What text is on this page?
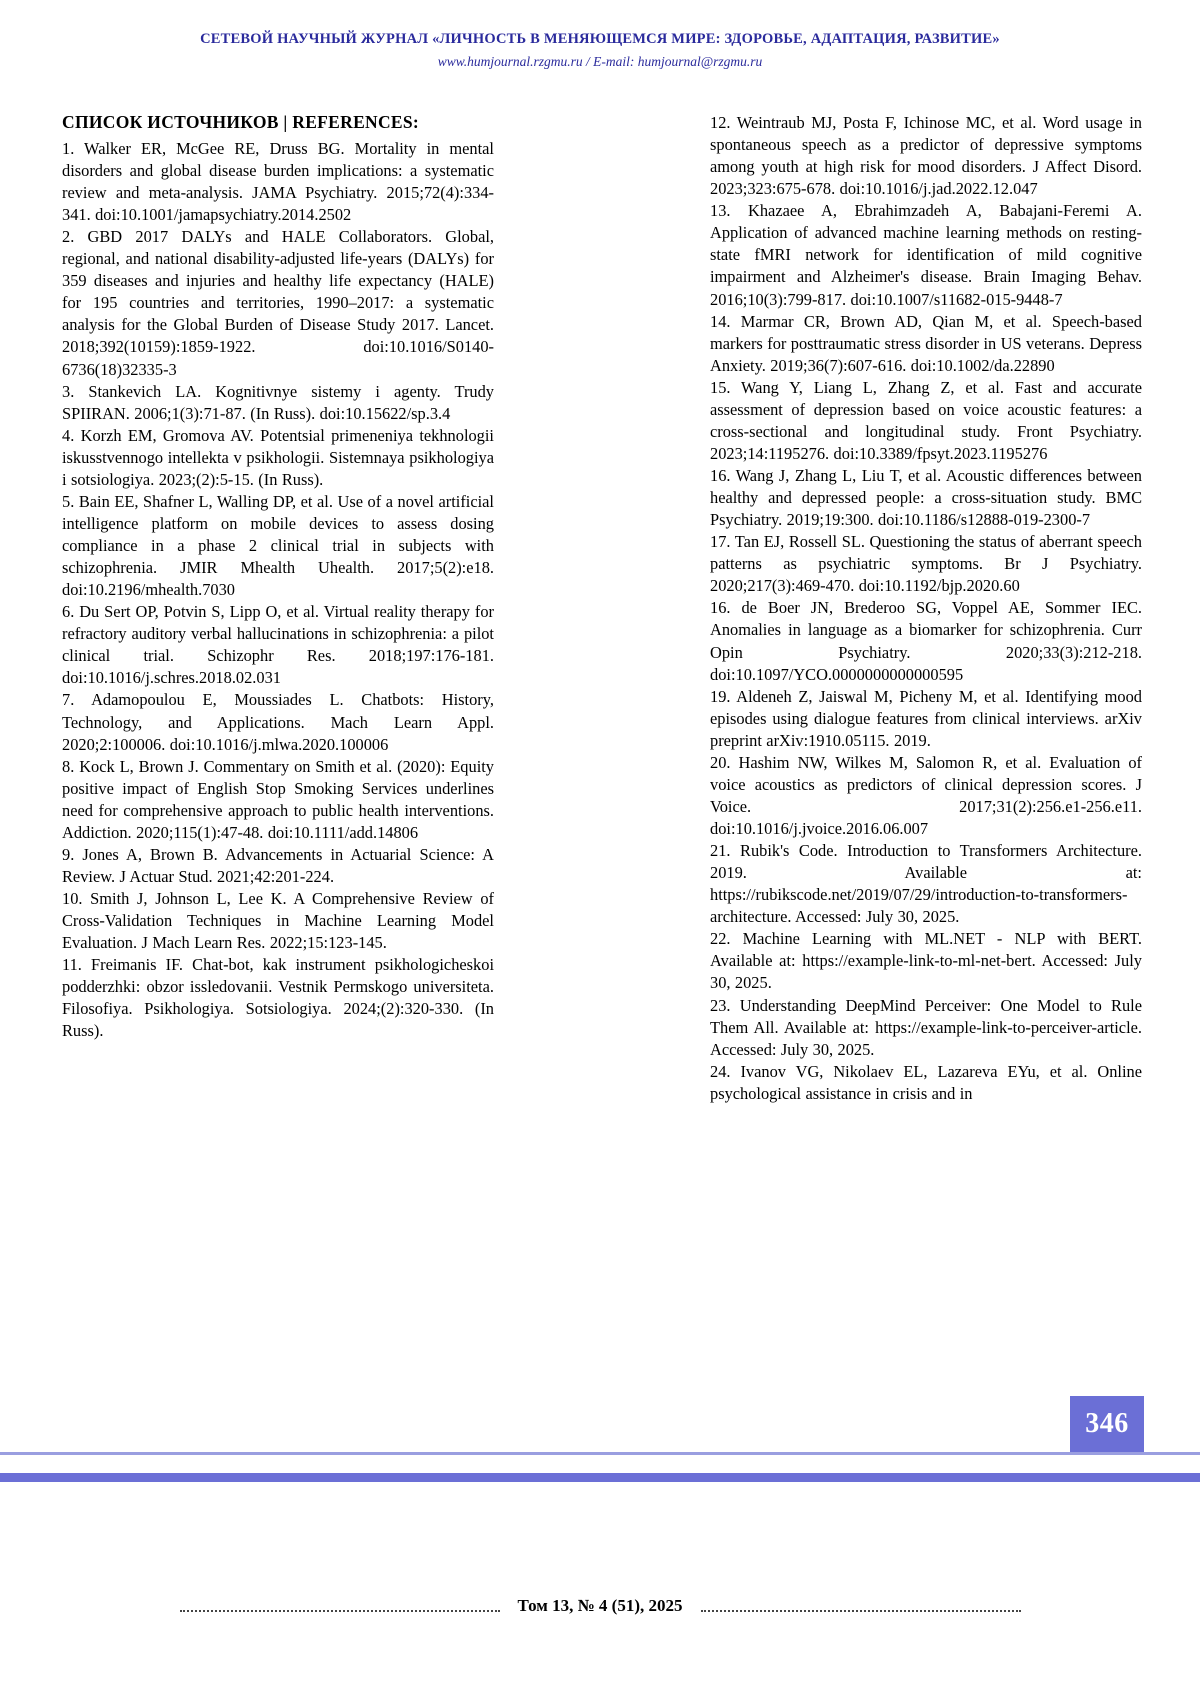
СЕТЕВОЙ НАУЧНЫЙ ЖУРНАЛ «ЛИЧНОСТЬ В МЕНЯЮЩЕМСЯ МИРЕ: ЗДОРОВЬЕ, АДАПТАЦИЯ, РАЗВИТИЕ»
www.humjournal.rzgmu.ru / E-mail: humjournal@rzgmu.ru
СПИСОК ИСТОЧНИКОВ | REFERENCES:

1. Walker ER, McGee RE, Druss BG. Mortality in mental disorders and global disease burden implications: a systematic review and meta-analysis. JAMA Psychiatry. 2015;72(4):334-341. doi:10.1001/jamapsychiatry.2014.2502

2. GBD 2017 DALYs and HALE Collaborators. Global, regional, and national disability-adjusted life-years (DALYs) for 359 diseases and injuries and healthy life expectancy (HALE) for 195 countries and territories, 1990–2017: a systematic analysis for the Global Burden of Disease Study 2017. Lancet. 2018;392(10159):1859-1922. doi:10.1016/S0140-6736(18)32335-3

3. Stankevich LA. Kognitivnye sistemy i agenty. Trudy SPIIRAN. 2006;1(3):71-87. (In Russ). doi:10.15622/sp.3.4

4. Korzh EM, Gromova AV. Potentsial primeneniya tekhnologii iskusstvennogo intellekta v psikhologii. Sistemnaya psikhologiya i sotsiologiya. 2023;(2):5-15. (In Russ).

5. Bain EE, Shafner L, Walling DP, et al. Use of a novel artificial intelligence platform on mobile devices to assess dosing compliance in a phase 2 clinical trial in subjects with schizophrenia. JMIR Mhealth Uhealth. 2017;5(2):e18. doi:10.2196/mhealth.7030

6. Du Sert OP, Potvin S, Lipp O, et al. Virtual reality therapy for refractory auditory verbal hallucinations in schizophrenia: a pilot clinical trial. Schizophr Res. 2018;197:176-181. doi:10.1016/j.schres.2018.02.031

7. Adamopoulou E, Moussiades L. Chatbots: History, Technology, and Applications. Mach Learn Appl. 2020;2:100006. doi:10.1016/j.mlwa.2020.100006

8. Kock L, Brown J. Commentary on Smith et al. (2020): Equity positive impact of English Stop Smoking Services underlines need for comprehensive approach to public health interventions. Addiction. 2020;115(1):47-48. doi:10.1111/add.14806

9. Jones A, Brown B. Advancements in Actuarial Science: A Review. J Actuar Stud. 2021;42:201-224.

10. Smith J, Johnson L, Lee K. A Comprehensive Review of Cross-Validation Techniques in Machine Learning Model Evaluation. J Mach Learn Res. 2022;15:123-145.

11. Freimanis IF. Chat-bot, kak instrument psikhologicheskoi podderzhki: obzor issledovanii. Vestnik Permskogo universiteta. Filosofiya. Psikhologiya. Sotsiologiya. 2024;(2):320-330. (In Russ).

12. Weintraub MJ, Posta F, Ichinose MC, et al. Word usage in spontaneous speech as a predictor of depressive symptoms among youth at high risk for mood disorders. J Affect Disord. 2023;323:675-678. doi:10.1016/j.jad.2022.12.047

13. Khazaee A, Ebrahimzadeh A, Babajani-Feremi A. Application of advanced machine learning methods on resting-state fMRI network for identification of mild cognitive impairment and Alzheimer's disease. Brain Imaging Behav. 2016;10(3):799-817. doi:10.1007/s11682-015-9448-7

14. Marmar CR, Brown AD, Qian M, et al. Speech-based markers for posttraumatic stress disorder in US veterans. Depress Anxiety. 2019;36(7):607-616. doi:10.1002/da.22890

15. Wang Y, Liang L, Zhang Z, et al. Fast and accurate assessment of depression based on voice acoustic features: a cross-sectional and longitudinal study. Front Psychiatry. 2023;14:1195276. doi:10.3389/fpsyt.2023.1195276

16. Wang J, Zhang L, Liu T, et al. Acoustic differences between healthy and depressed people: a cross-situation study. BMC Psychiatry. 2019;19:300. doi:10.1186/s12888-019-2300-7

17. Tan EJ, Rossell SL. Questioning the status of aberrant speech patterns as psychiatric symptoms. Br J Psychiatry. 2020;217(3):469-470. doi:10.1192/bjp.2020.60

16. de Boer JN, Brederoo SG, Voppel AE, Sommer IEC. Anomalies in language as a biomarker for schizophrenia. Curr Opin Psychiatry. 2020;33(3):212-218. doi:10.1097/YCO.0000000000000595

19. Aldeneh Z, Jaiswal M, Picheny M, et al. Identifying mood episodes using dialogue features from clinical interviews. arXiv preprint arXiv:1910.05115. 2019.

20. Hashim NW, Wilkes M, Salomon R, et al. Evaluation of voice acoustics as predictors of clinical depression scores. J Voice. 2017;31(2):256.e1-256.e11. doi:10.1016/j.jvoice.2016.06.007

21. Rubik's Code. Introduction to Transformers Architecture. 2019. Available at: https://rubikscode.net/2019/07/29/introduction-to-transformers-architecture. Accessed: July 30, 2025.

22. Machine Learning with ML.NET - NLP with BERT. Available at: https://example-link-to-ml-net-bert. Accessed: July 30, 2025.

23. Understanding DeepMind Perceiver: One Model to Rule Them All. Available at: https://example-link-to-perceiver-article. Accessed: July 30, 2025.

24. Ivanov VG, Nikolaev EL, Lazareva EYu, et al. Online psychological assistance in crisis and in

346
Том 13, № 4 (51), 2025
